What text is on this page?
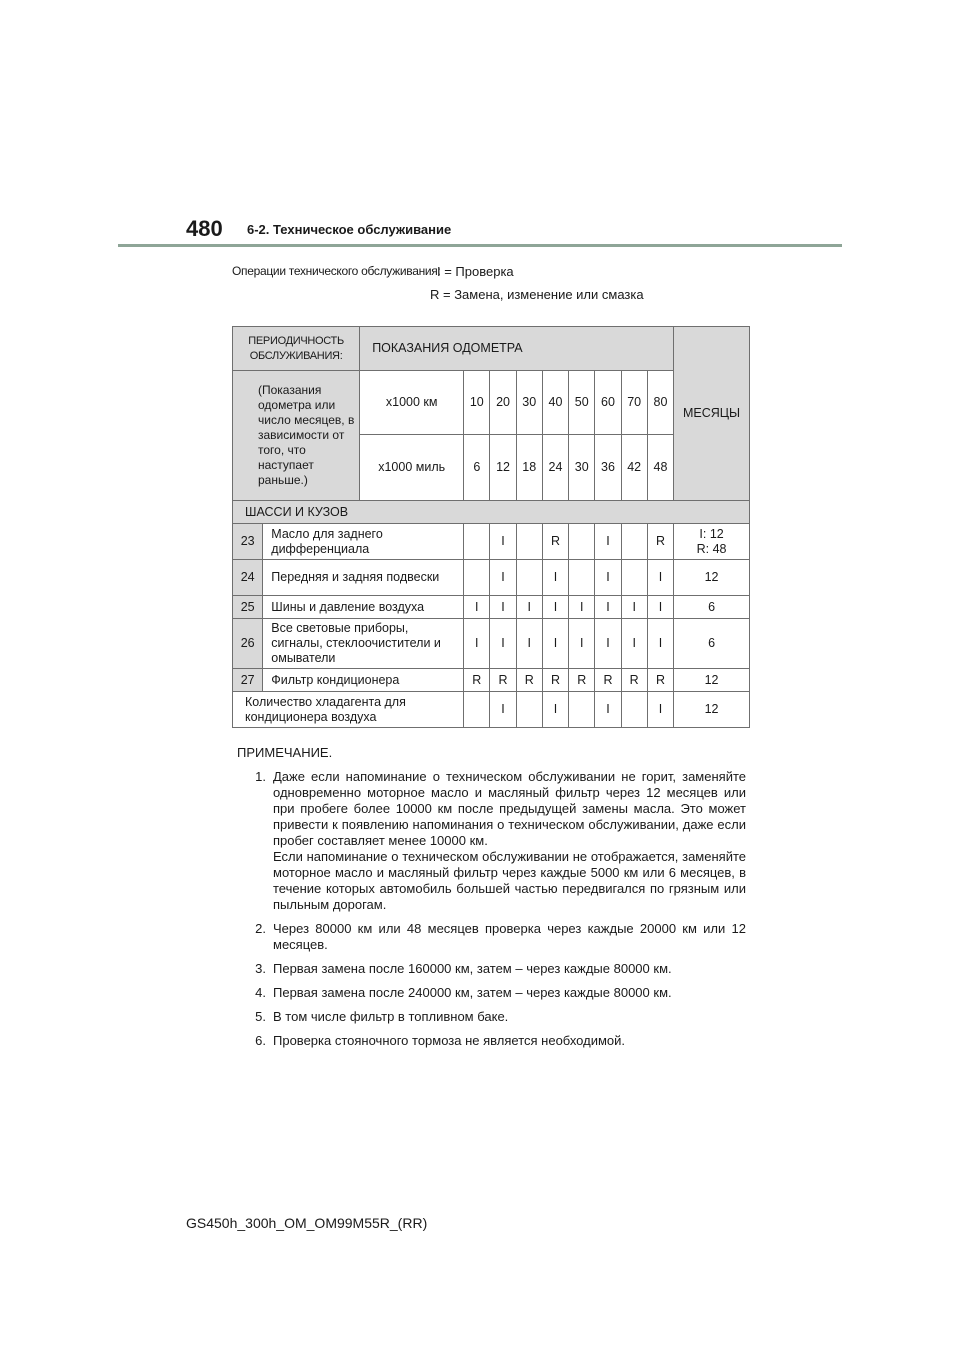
480 6-2. Техническое обслуживание
Операции технического обслуживания:
I = Проверка
R = Замена, изменение или смазка
ПЕРИОДИЧНОСТЬ ОБСЛУЖИВАНИЯ:		ПОКАЗАНИЯ ОДОМЕТРА									МЕСЯЦЫ
(Показания одометра или число месяцев, в зависимости от того, что наступает раньше.)		x1000 км	10	20	30	40	50	60	70	80	
		x1000 миль	6	12	18	24	30	36	42	48	
ШАССИ И КУЗОВ											
23	Масло для заднего дифференциала			I		R		I		R	I: 12
R: 48
24	Передняя и задняя подвески			I		I		I		I	12
25	Шины и давление воздуха		I	I	I	I	I	I	I	I	6
26	Все световые приборы, сигналы, стеклоочистители и омыватели		I	I	I	I	I	I	I	I	6
27	Фильтр кондиционера		R	R	R	R	R	R	R	R	12
Количество хладагента для кондиционера воздуха				I		I		I		I	12
ПРИМЕЧАНИЕ.
1. Даже если напоминание о техническом обслуживании не горит, заменяйте одновременно моторное масло и масляный фильтр через 12 месяцев или при пробеге более 10000 км после предыдущей замены масла. Это может привести к появлению напоминания о техническом обслуживании, даже если пробег составляет менее 10000 км.
Если напоминание о техническом обслуживании не отображается, заменяйте моторное масло и масляный фильтр через каждые 5000 км или 6 месяцев, в течение которых автомобиль большей частью передвигался по грязным или пыльным дорогам.
2. Через 80000 км или 48 месяцев проверка через каждые 20000 км или 12 месяцев.
3. Первая замена после 160000 км, затем – через каждые 80000 км.
4. Первая замена после 240000 км, затем – через каждые 80000 км.
5. В том числе фильтр в топливном баке.
6. Проверка стояночного тормоза не является необходимой.
GS450h_300h_OM_OM99M55R_(RR)
